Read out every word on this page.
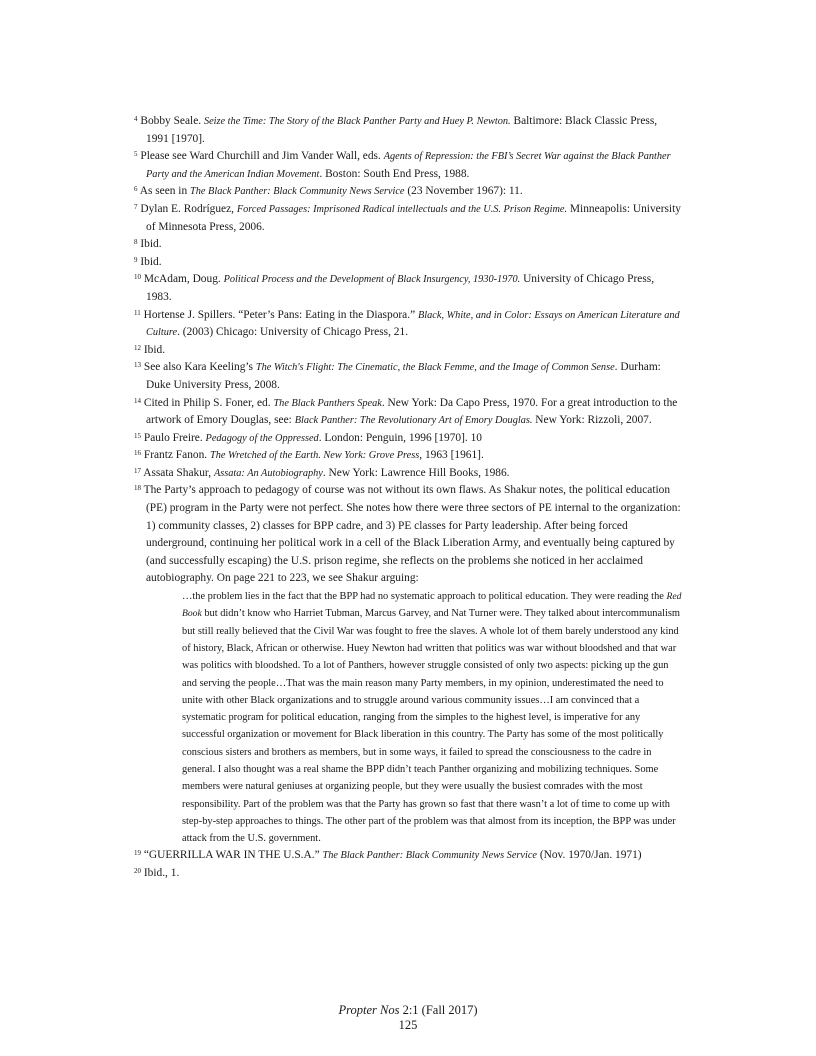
$^4$ Bobby Seale. Seize the Time: The Story of the Black Panther Party and Huey P. Newton. Baltimore: Black Classic Press, 1991 [1970].

$^5$ Please see Ward Churchill and Jim Vander Wall, eds. Agents of Repression: the FBI’s Secret War against the Black Panther Party and the American Indian Movement. Boston: South End Press, 1988.

$^6$ As seen in The Black Panther: Black Community News Service (23 November 1967): 11.

$^7$ Dylan E. Rodríguez, Forced Passages: Imprisoned Radical intellectuals and the U.S. Prison Regime. Minneapolis: University of Minnesota Press, 2006.

$^8$ Ibid.

$^9$ Ibid.

$^{10}$ McAdam, Doug. Political Process and the Development of Black Insurgency, 1930-1970. University of Chicago Press, 1983.

$^{11}$ Hortense J. Spillers. “Peter’s Pans: Eating in the Diaspora.” Black, White, and in Color: Essays on American Literature and Culture. (2003) Chicago: University of Chicago Press, 21.

$^{12}$ Ibid.

$^{13}$ See also Kara Keeling’s The Witch's Flight: The Cinematic, the Black Femme, and the Image of Common Sense. Durham: Duke University Press, 2008.

$^{14}$ Cited in Philip S. Foner, ed. The Black Panthers Speak. New York: Da Capo Press, 1970. For a great introduction to the artwork of Emory Douglas, see: Black Panther: The Revolutionary Art of Emory Douglas. New York: Rizzoli, 2007.

$^{15}$ Paulo Freire. Pedagogy of the Oppressed. London: Penguin, 1996 [1970]. 10

$^{16}$ Frantz Fanon. The Wretched of the Earth. New York: Grove Press, 1963 [1961].

$^{17}$ Assata Shakur, Assata: An Autobiography. New York: Lawrence Hill Books, 1986.

$^{18}$ The Party’s approach to pedagogy of course was not without its own flaws. As Shakur notes, the political education (PE) program in the Party were not perfect. She notes how there were three sectors of PE internal to the organization: 1) community classes, 2) classes for BPP cadre, and 3) PE classes for Party leadership. After being forced underground, continuing her political work in a cell of the Black Liberation Army, and eventually being captured by (and successfully escaping) the U.S. prison regime, she reflects on the problems she noticed in her acclaimed autobiography. On page 221 to 223, we see Shakur arguing:

…the problem lies in the fact that the BPP had no systematic approach to political education. They were reading the Red Book but didn’t know who Harriet Tubman, Marcus Garvey, and Nat Turner were. They talked about intercommunalism but still really believed that the Civil War was fought to free the slaves. A whole lot of them barely understood any kind of history, Black, African or otherwise. Huey Newton had written that politics was war without bloodshed and that war was politics with bloodshed. To a lot of Panthers, however struggle consisted of only two aspects: picking up the gun and serving the people…That was the main reason many Party members, in my opinion, underestimated the need to unite with other Black organizations and to struggle around various community issues…I am convinced that a systematic program for political education, ranging from the simples to the highest level, is imperative for any successful organization or movement for Black liberation in this country. The Party has some of the most politically conscious sisters and brothers as members, but in some ways, it failed to spread the consciousness to the cadre in general. I also thought was a real shame the BPP didn’t teach Panther organizing and mobilizing techniques. Some members were natural geniuses at organizing people, but they were usually the busiest comrades with the most responsibility. Part of the problem was that the Party has grown so fast that there wasn’t a lot of time to come up with step-by-step approaches to things. The other part of the problem was that almost from its inception, the BPP was under attack from the U.S. government.

$^{19}$ “GUERRILLA WAR IN THE U.S.A.” The Black Panther: Black Community News Service (Nov. 1970/Jan. 1971)

$^{20}$ Ibid., 1.

Propter Nos 2:1 (Fall 2017)
125
